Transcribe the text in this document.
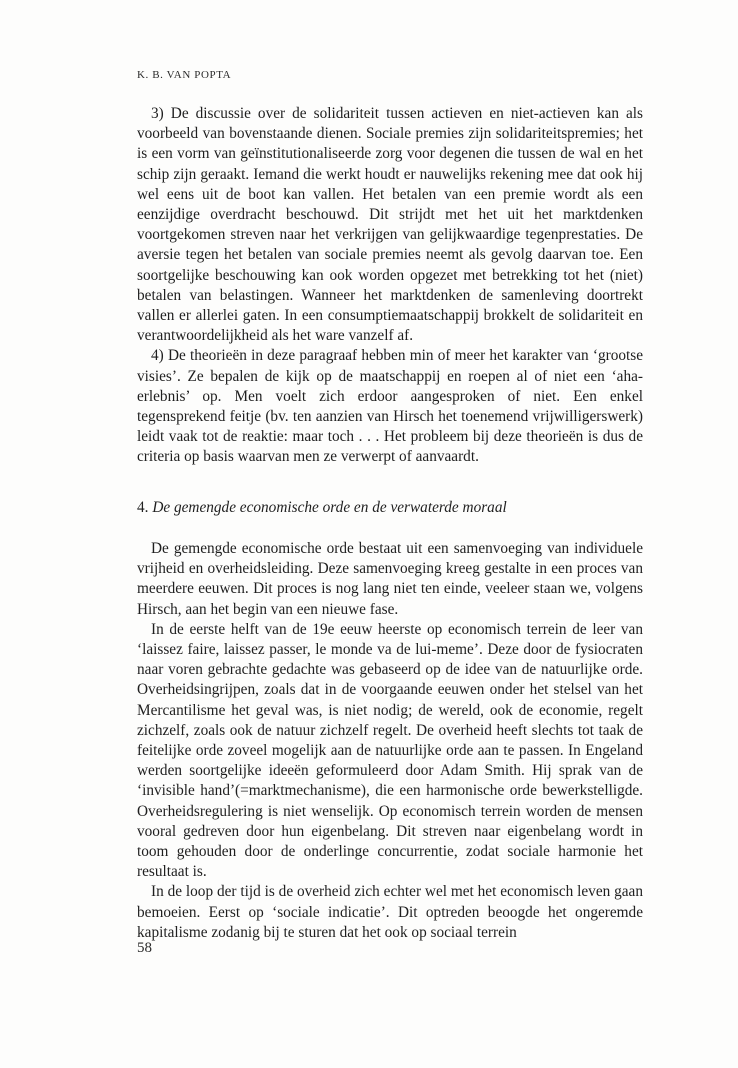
K. B. VAN POPTA

3) De discussie over de solidariteit tussen actieven en niet-actieven kan als voorbeeld van bovenstaande dienen. Sociale premies zijn solidariteitspremies; het is een vorm van geïnstitutionaliseerde zorg voor degenen die tussen de wal en het schip zijn geraakt. Iemand die werkt houdt er nauwelijks rekening mee dat ook hij wel eens uit de boot kan vallen. Het betalen van een premie wordt als een eenzijdige overdracht beschouwd. Dit strijdt met het uit het marktdenken voortgekomen streven naar het verkrijgen van gelijkwaardige tegenprestaties. De aversie tegen het betalen van sociale premies neemt als gevolg daarvan toe. Een soortgelijke beschouwing kan ook worden opgezet met betrekking tot het (niet) betalen van belastingen. Wanneer het marktdenken de samenleving doortrekt vallen er allerlei gaten. In een consumptiemaatschappij brokkelt de solidariteit en verantwoordelijkheid als het ware vanzelf af.

4) De theorieën in deze paragraaf hebben min of meer het karakter van ‘grootse visies’. Ze bepalen de kijk op de maatschappij en roepen al of niet een ‘aha-erlebnis’ op. Men voelt zich erdoor aangesproken of niet. Een enkel tegensprekend feitje (bv. ten aanzien van Hirsch het toenemend vrijwilligerswerk) leidt vaak tot de reaktie: maar toch . . . Het probleem bij deze theorieën is dus de criteria op basis waarvan men ze verwerpt of aanvaardt.

4. De gemengde economische orde en de verwaterde moraal

De gemengde economische orde bestaat uit een samenvoeging van individuele vrijheid en overheidsleiding. Deze samenvoeging kreeg gestalte in een proces van meerdere eeuwen. Dit proces is nog lang niet ten einde, veeleer staan we, volgens Hirsch, aan het begin van een nieuwe fase.

In de eerste helft van de 19e eeuw heerste op economisch terrein de leer van ‘laissez faire, laissez passer, le monde va de lui-meme’. Deze door de fysiocraten naar voren gebrachte gedachte was gebaseerd op de idee van de natuurlijke orde. Overheidsingrijpen, zoals dat in de voorgaande eeuwen onder het stelsel van het Mercantilisme het geval was, is niet nodig; de wereld, ook de economie, regelt zichzelf, zoals ook de natuur zichzelf regelt. De overheid heeft slechts tot taak de feitelijke orde zoveel mogelijk aan de natuurlijke orde aan te passen. In Engeland werden soortgelijke ideeën geformuleerd door Adam Smith. Hij sprak van de ‘invisible hand’(=marktmechanisme), die een harmonische orde bewerkstelligde. Overheidsregulering is niet wenselijk. Op economisch terrein worden de mensen vooral gedreven door hun eigenbelang. Dit streven naar eigenbelang wordt in toom gehouden door de onderlinge concurrentie, zodat sociale harmonie het resultaat is.

In de loop der tijd is de overheid zich echter wel met het economisch leven gaan bemoeien. Eerst op ‘sociale indicatie’. Dit optreden beoogde het ongeremde kapitalisme zodanig bij te sturen dat het ook op sociaal terrein

58
